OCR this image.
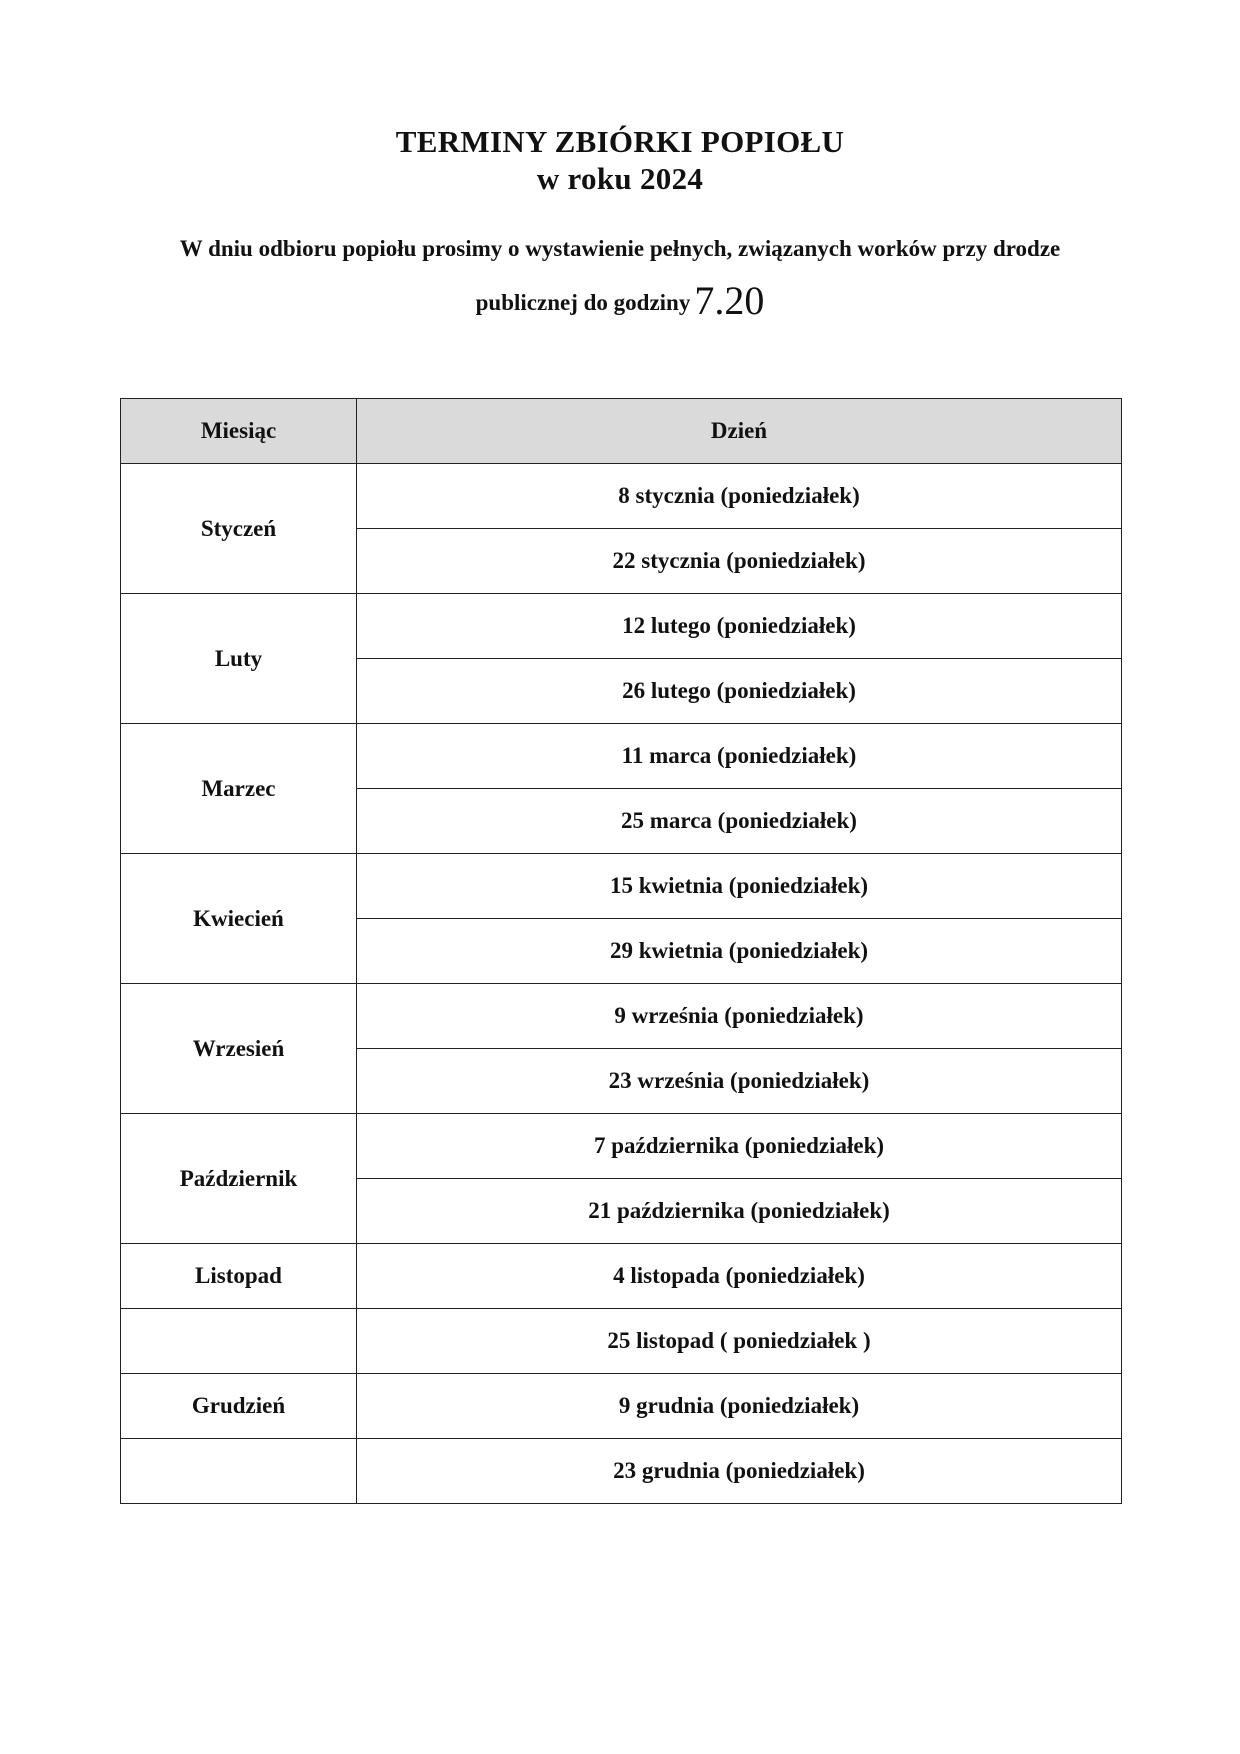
TERMINY ZBIÓRKI POPIOŁU
w roku 2024
W dniu odbioru popiołu prosimy o wystawienie pełnych, związanych worków przy drodze
publicznej do godziny 7.20
Miesiąc	Dzień
Styczeń	8 stycznia (poniedziałek)
	22 stycznia (poniedziałek)
Luty	12 lutego (poniedziałek)
	26 lutego (poniedziałek)
Marzec	11 marca (poniedziałek)
	25 marca (poniedziałek)
Kwiecień	15 kwietnia (poniedziałek)
	29 kwietnia (poniedziałek)
Wrzesień	9 września (poniedziałek)
	23 września (poniedziałek)
Październik	7 października (poniedziałek)
	21 października (poniedziałek)
Listopad	4 listopada (poniedziałek)
	25 listopad ( poniedziałek )
Grudzień	9 grudnia (poniedziałek)
	23 grudnia (poniedziałek)
